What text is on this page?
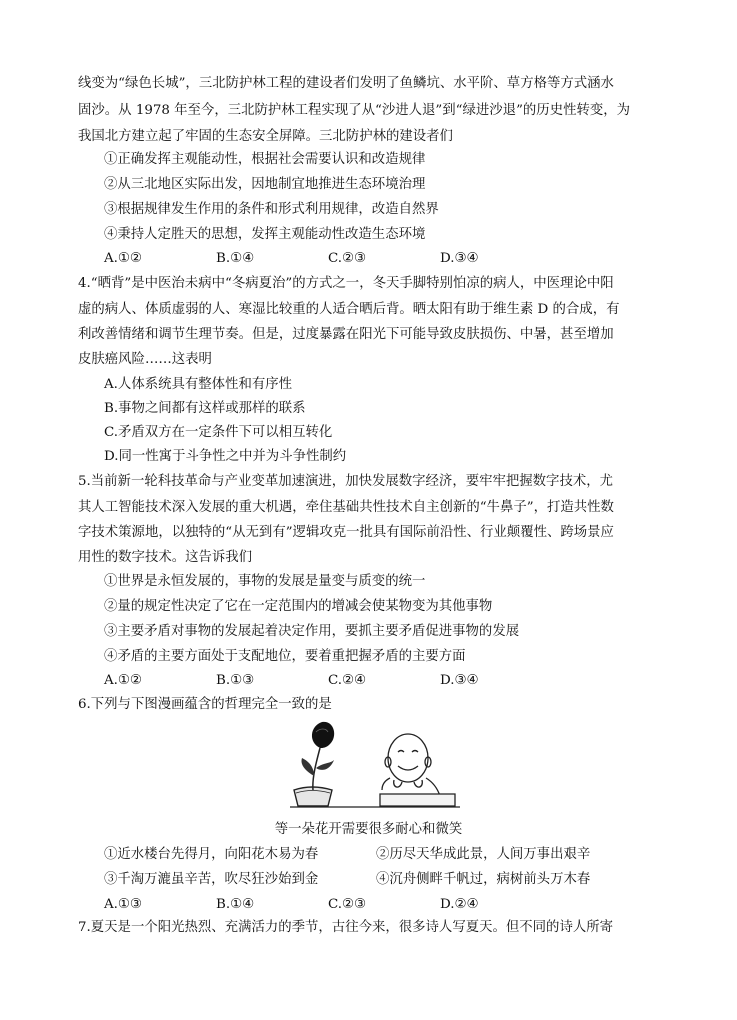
线变为“绿色长城”，三北防护林工程的建设者们发明了鱼鳞坑、水平阶、草方格等方式涵水

固沙。从 1978 年至今，三北防护林工程实现了从“沙进人退”到“绿进沙退”的历史性转变，为

我国北方建立起了牢固的生态安全屏障。三北防护林的建设者们

①正确发挥主观能动性，根据社会需要认识和改造规律
②从三北地区实际出发，因地制宜地推进生态环境治理
③根据规律发生作用的条件和形式利用规律，改造自然界
④秉持人定胜天的思想，发挥主观能动性改造生态环境
A.①②	B.①④	C.②③	D.③④

4.“晒背”是中医治未病中“冬病夏治”的方式之一，冬天手脚特别怕凉的病人，中医理论中阳

虚的病人、体质虚弱的人、寒湿比较重的人适合晒后背。晒太阳有助于维生素 D 的合成，有

利改善情绪和调节生理节奏。但是，过度暴露在阳光下可能导致皮肤损伤、中暑，甚至增加

皮肤癌风险……这表明

A.人体系统具有整体性和有序性
B.事物之间都有这样或那样的联系
C.矛盾双方在一定条件下可以相互转化
D.同一性寓于斗争性之中并为斗争性制约

5.当前新一轮科技革命与产业变革加速演进，加快发展数字经济，要牢牢把握数字技术，尤

其人工智能技术深入发展的重大机遇，牵住基础共性技术自主创新的“牛鼻子”，打造共性数

字技术策源地，以独特的“从无到有”逻辑攻克一批具有国际前沿性、行业颠覆性、跨场景应

用性的数字技术。这告诉我们

①世界是永恒发展的，事物的发展是量变与质变的统一
②量的规定性决定了它在一定范围内的增减会使某物变为其他事物
③主要矛盾对事物的发展起着决定作用，要抓主要矛盾促进事物的发展
④矛盾的主要方面处于支配地位，要着重把握矛盾的主要方面
A.①②	B.①③	C.②④	D.③④

6.下列与下图漫画蕴含的哲理完全一致的是

等一朵花开需要很多耐心和微笑
①近水楼台先得月，向阳花木易为春	②历尽天华成此景，人间万事出艰辛
③千淘万漉虽辛苦，吹尽狂沙始到金	④沉舟侧畔千帆过，病树前头万木春
A.①③	B.①④	C.②③	D.②④

7.夏天是一个阳光热烈、充满活力的季节，古往今来，很多诗人写夏天。但不同的诗人所寄
